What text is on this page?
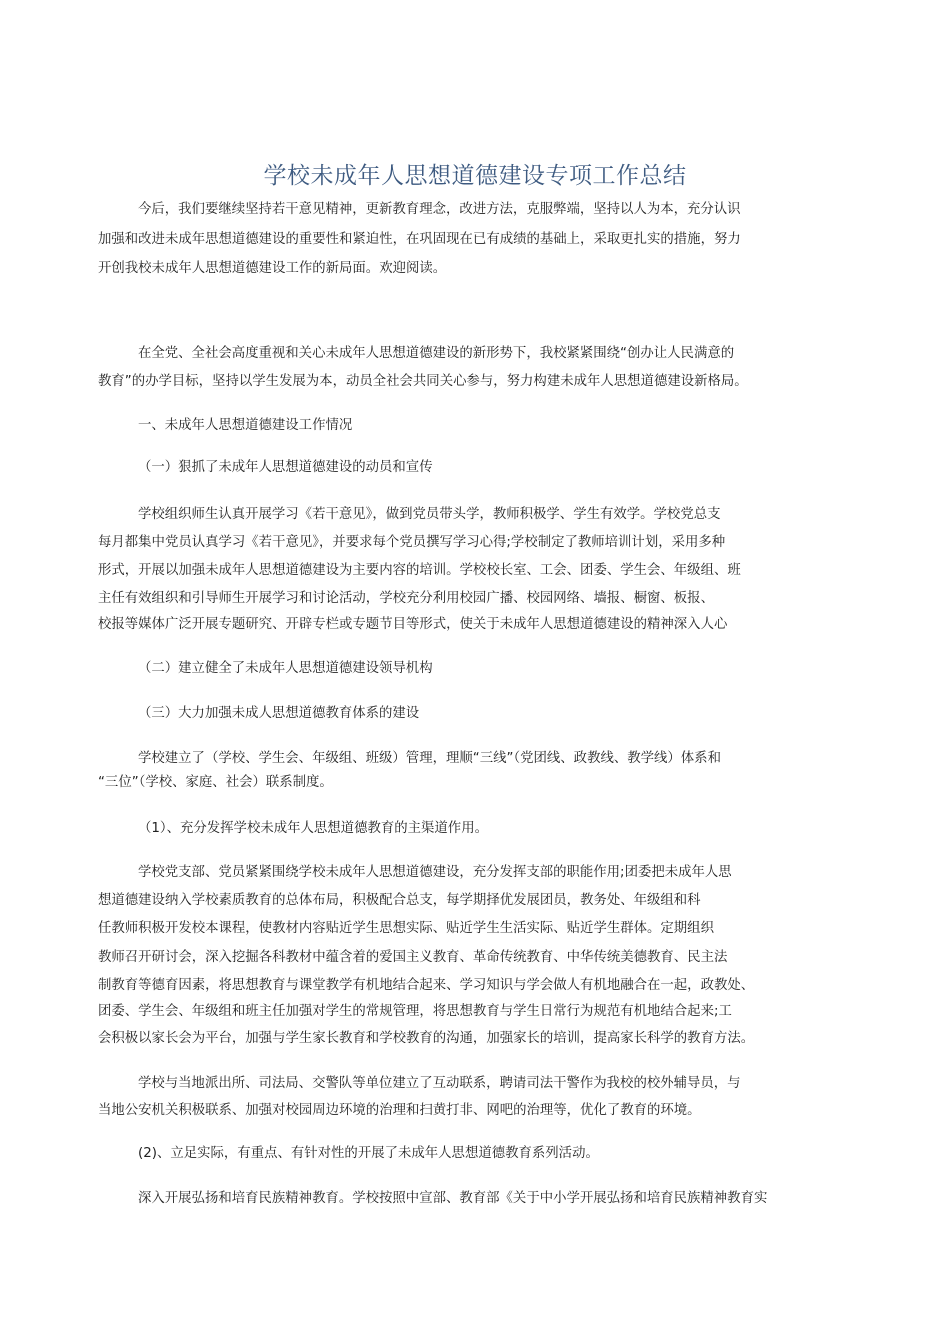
学校未成年人思想道德建设专项工作总结
今后，我们要继续坚持若干意见精神，更新教育理念，改进方法，克服弊端，坚持以人为本，充分认识
加强和改进未成年思想道德建设的重要性和紧迫性，在巩固现在已有成绩的基础上，采取更扎实的措施，努力
开创我校未成年人思想道德建设工作的新局面。欢迎阅读。
在全党、全社会高度重视和关心未成年人思想道德建设的新形势下，我校紧紧围绕“创办让人民满意的
教育”的办学目标，坚持以学生发展为本，动员全社会共同关心参与，努力构建未成年人思想道德建设新格局。
一、未成年人思想道德建设工作情况
（一）狠抓了未成年人思想道德建设的动员和宣传
学校组织师生认真开展学习《若干意见》，做到党员带头学，教师积极学、学生有效学。学校党总支
每月都集中党员认真学习《若干意见》，并要求每个党员撰写学习心得;学校制定了教师培训计划，采用多种
形式，开展以加强未成年人思想道德建设为主要内容的培训。学校校长室、工会、团委、学生会、年级组、班
主任有效组织和引导师生开展学习和讨论活动，学校充分利用校园广播、校园网络、墙报、橱窗、板报、
校报等媒体广泛开展专题研究、开辟专栏或专题节目等形式，使关于未成年人思想道德建设的精神深入人心
（二）建立健全了未成年人思想道德建设领导机构
（三）大力加强未成人思想道德教育体系的建设
学校建立了（学校、学生会、年级组、班级）管理，理顺“三线”（党团线、政教线、教学线）体系和
“三位”（学校、家庭、社会）联系制度。
（1）、充分发挥学校未成年人思想道德教育的主渠道作用。
学校党支部、党员紧紧围绕学校未成年人思想道德建设，充分发挥支部的职能作用;团委把未成年人思
想道德建设纳入学校素质教育的总体布局，积极配合总支，每学期择优发展团员，教务处、年级组和科
任教师积极开发校本课程，使教材内容贴近学生思想实际、贴近学生生活实际、贴近学生群体。定期组织
教师召开研讨会，深入挖掘各科教材中蕴含着的爱国主义教育、革命传统教育、中华传统美德教育、民主法
制教育等德育因素，将思想教育与课堂教学有机地结合起来、学习知识与学会做人有机地融合在一起，政教处、
团委、学生会、年级组和班主任加强对学生的常规管理，将思想教育与学生日常行为规范有机地结合起来;工
会积极以家长会为平台，加强与学生家长教育和学校教育的沟通，加强家长的培训，提高家长科学的教育方法。
学校与当地派出所、司法局、交警队等单位建立了互动联系，聘请司法干警作为我校的校外辅导员，与
当地公安机关积极联系、加强对校园周边环境的治理和扫黄打非、网吧的治理等，优化了教育的环境。
(2)、立足实际，有重点、有针对性的开展了未成年人思想道德教育系列活动。
深入开展弘扬和培育民族精神教育。学校按照中宣部、教育部《关于中小学开展弘扬和培育民族精神教育实
